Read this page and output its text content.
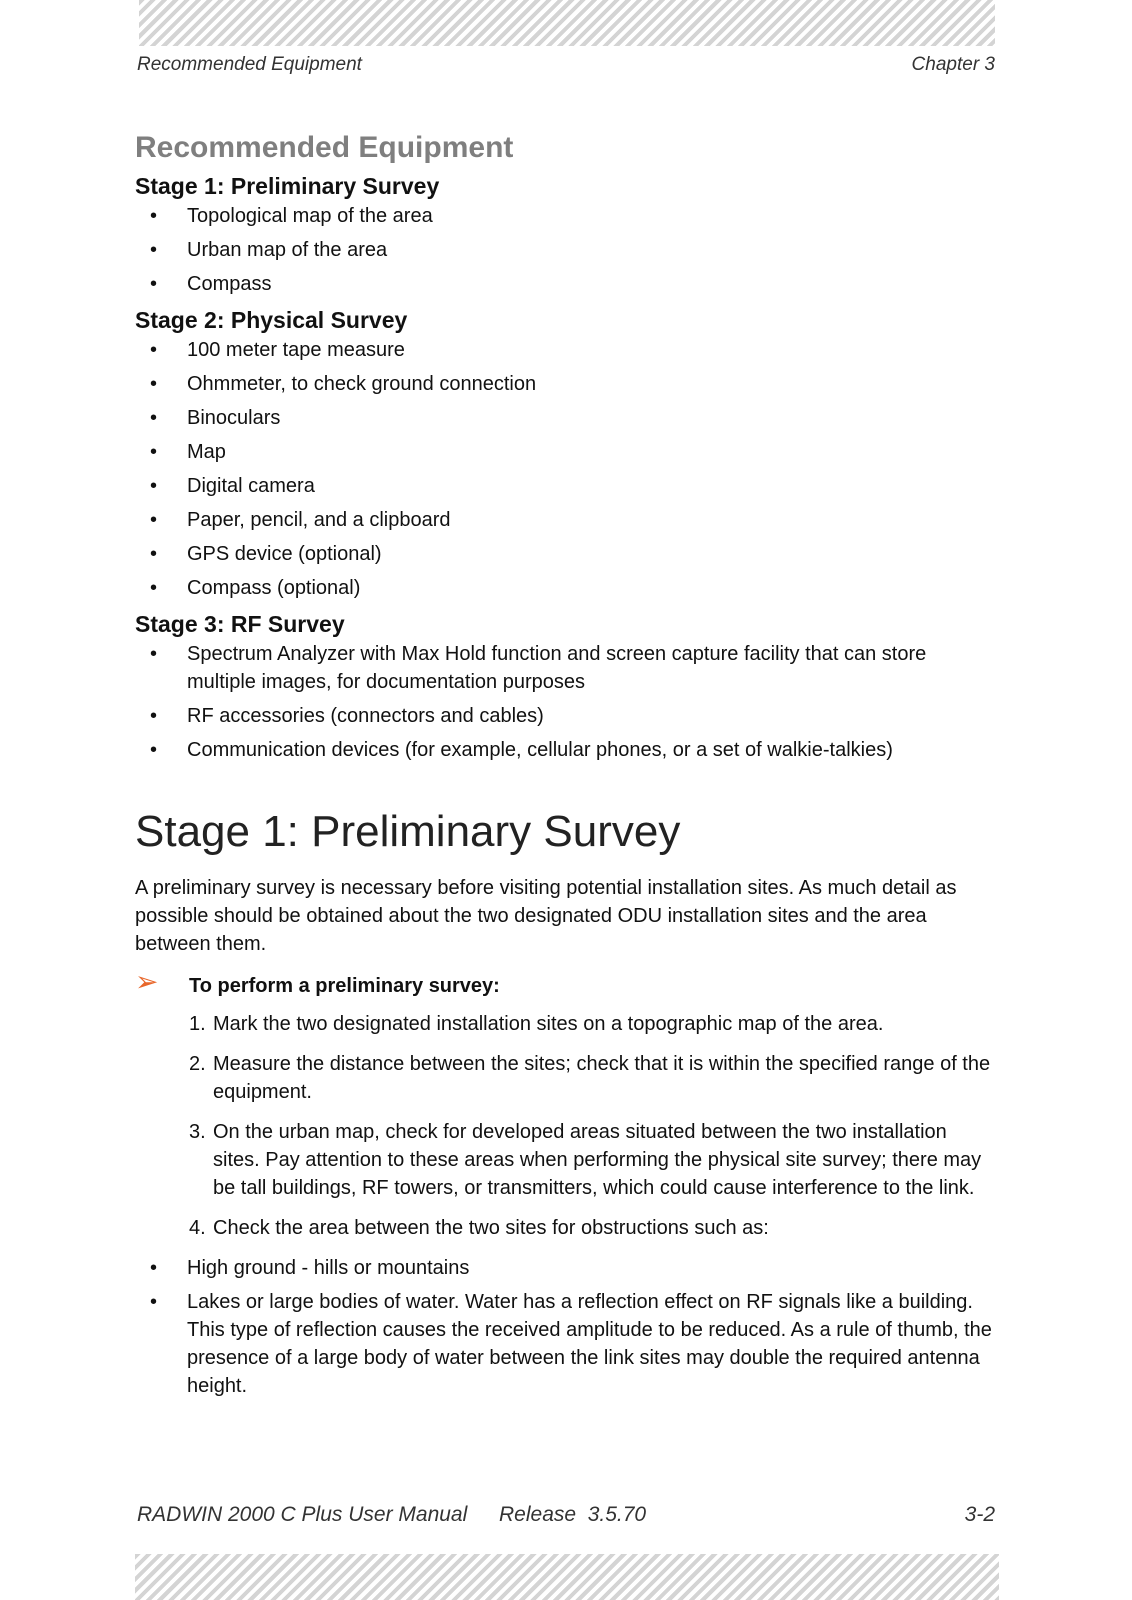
Recommended Equipment	Chapter 3
Recommended Equipment
Stage 1: Preliminary Survey
• Topological map of the area
• Urban map of the area
• Compass
Stage 2: Physical Survey
• 100 meter tape measure
• Ohmmeter, to check ground connection
• Binoculars
• Map
• Digital camera
• Paper, pencil, and a clipboard
• GPS device (optional)
• Compass (optional)
Stage 3: RF Survey
• Spectrum Analyzer with Max Hold function and screen capture facility that can store multiple images, for documentation purposes
• RF accessories (connectors and cables)
• Communication devices (for example, cellular phones, or a set of walkie-talkies)
Stage 1: Preliminary Survey

A preliminary survey is necessary before visiting potential installation sites. As much detail as possible should be obtained about the two designated ODU installation sites and the area between them.

➢ To perform a preliminary survey:
1. Mark the two designated installation sites on a topographic map of the area.
2. Measure the distance between the sites; check that it is within the specified range of the equipment.
3. On the urban map, check for developed areas situated between the two installation sites. Pay attention to these areas when performing the physical site survey; there may be tall buildings, RF towers, or transmitters, which could cause interference to the link.
4. Check the area between the two sites for obstructions such as:
• High ground - hills or mountains
• Lakes or large bodies of water. Water has a reflection effect on RF signals like a building. This type of reflection causes the received amplitude to be reduced. As a rule of thumb, the presence of a large body of water between the link sites may double the required antenna height.
RADWIN 2000 C Plus User Manual Release  3.5.70	3-2
